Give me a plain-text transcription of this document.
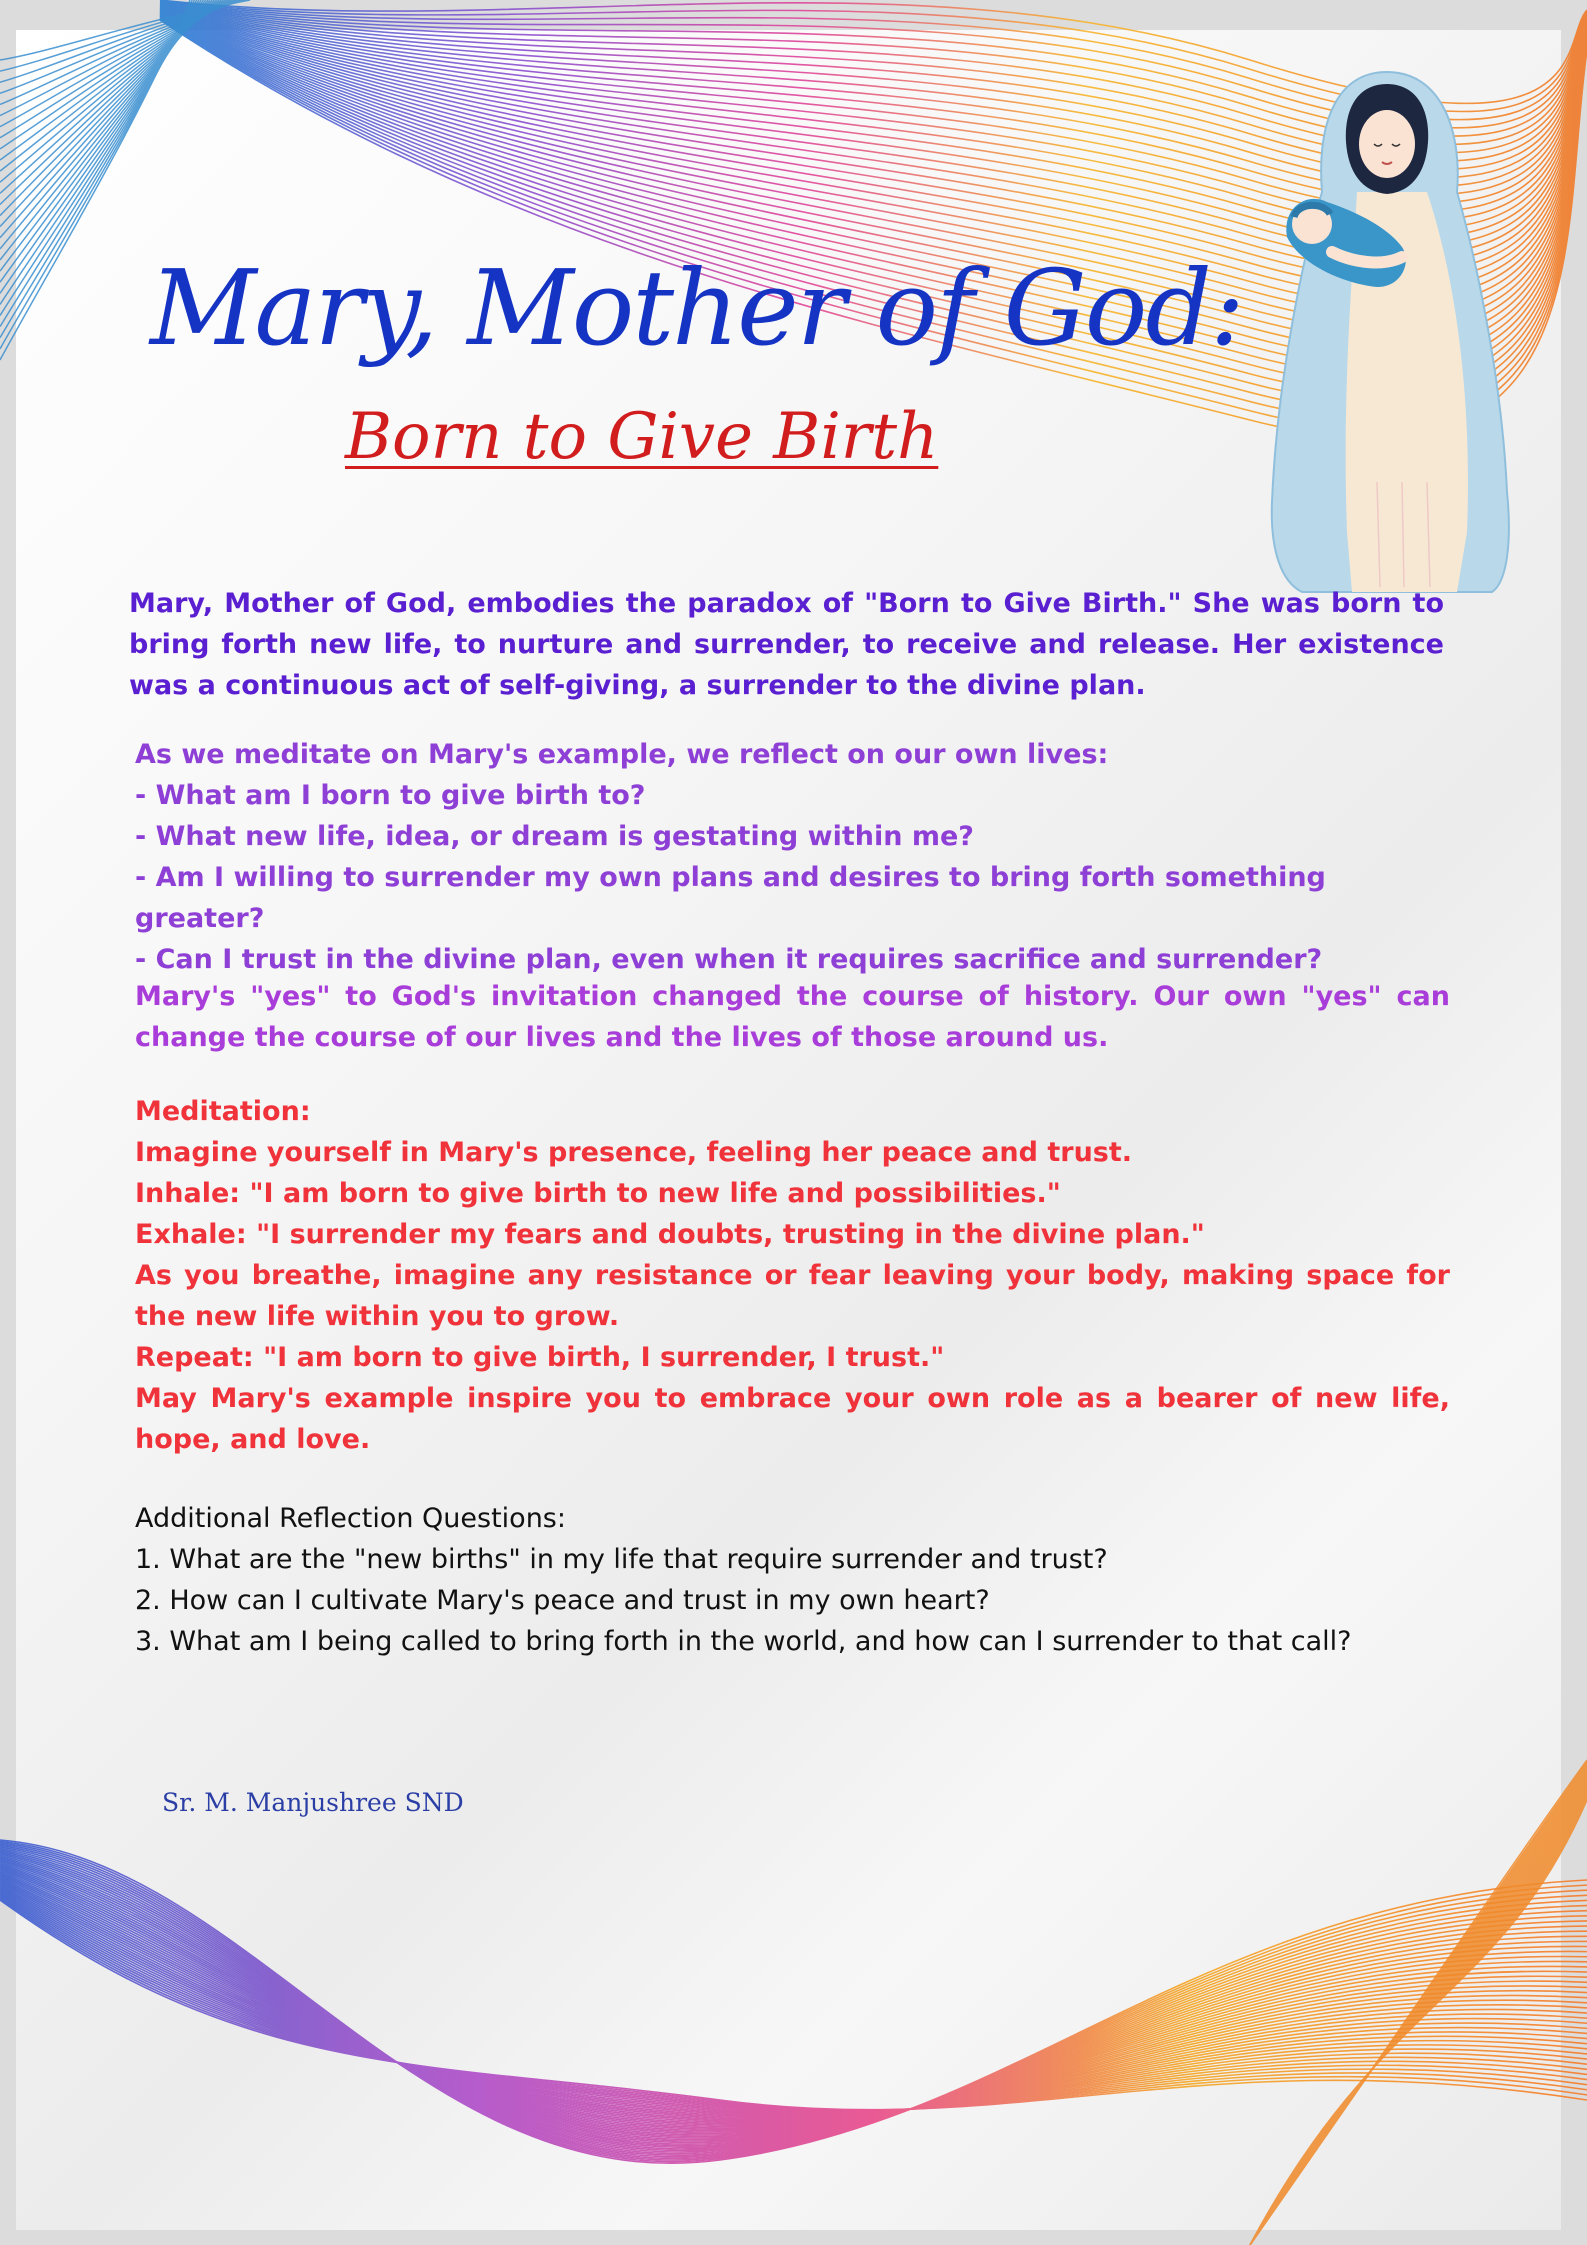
Mary, Mother of God:
Born to Give Birth

Mary, Mother of God, embodies the paradox of "Born to Give Birth." She was born to bring forth new life, to nurture and surrender, to receive and release. Her existence was a continuous act of self-giving, a surrender to the divine plan.

As we meditate on Mary's example, we reflect on our own lives:
- What am I born to give birth to?
- What new life, idea, or dream is gestating within me?
- Am I willing to surrender my own plans and desires to bring forth something greater?
- Can I trust in the divine plan, even when it requires sacrifice and surrender?

Mary's "yes" to God's invitation changed the course of history. Our own "yes" can change the course of our lives and the lives of those around us.

Meditation:
Imagine yourself in Mary's presence, feeling her peace and trust.
Inhale: "I am born to give birth to new life and possibilities."
Exhale: "I surrender my fears and doubts, trusting in the divine plan."
As you breathe, imagine any resistance or fear leaving your body, making space for the new life within you to grow.
Repeat: "I am born to give birth, I surrender, I trust."
May Mary's example inspire you to embrace your own role as a bearer of new life, hope, and love.
Additional Reflection Questions:
1. What are the "new births" in my life that require surrender and trust?
2. How can I cultivate Mary's peace and trust in my own heart?
3. What am I being called to bring forth in the world, and how can I surrender to that call?

Sr. M. Manjushree SND
